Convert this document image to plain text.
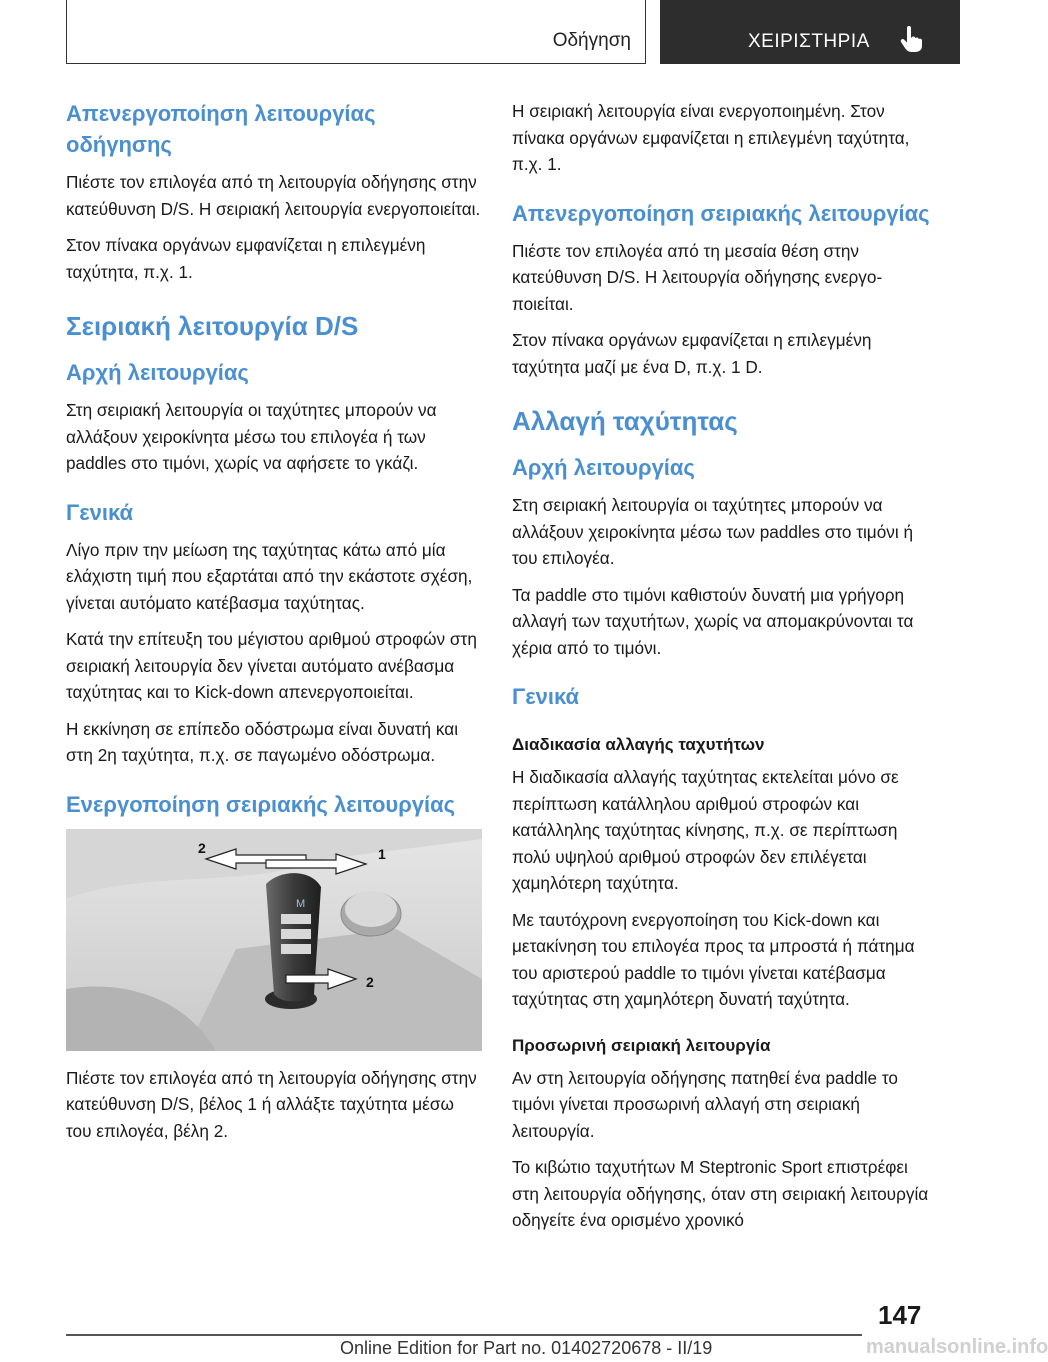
Οδήγηση	ΧΕΙΡΙΣΤΗΡΙΑ
Απενεργοποίηση λειτουργίας οδήγησης

Πιέστε τον επιλογέα από τη λειτουργία οδήγησης στην κατεύθυνση D/S. Η σειριακή λειτουργία ενεργοποιείται.

Στον πίνακα οργάνων εμφανίζεται η επιλεγμένη ταχύτητα, π.χ. 1.

Σειριακή λειτουργία D/S
Αρχή λειτουργίας

Στη σειριακή λειτουργία οι ταχύτητες μπορούν να αλλάξουν χειροκίνητα μέσω του επιλογέα ή των paddles στο τιμόνι, χωρίς να αφήσετε το γκάζι.

Γενικά

Λίγο πριν την μείωση της ταχύτητας κάτω από μία ελάχιστη τιμή που εξαρτάται από την εκάστοτε σχέση, γίνεται αυτόματο κατέβασμα ταχύτητας.

Κατά την επίτευξη του μέγιστου αριθμού στροφών στη σειριακή λειτουργία δεν γίνεται αυτόματο ανέβασμα ταχύτητας και το Kick-down απενεργοποιείται.

Η εκκίνηση σε επίπεδο οδόστρωμα είναι δυνατή και στη 2η ταχύτητα, π.χ. σε παγωμένο οδόστρωμα.

Ενεργοποίηση σειριακής λειτουργίας
M
2	1
2

Πιέστε τον επιλογέα από τη λειτουργία οδήγησης στην κατεύθυνση D/S, βέλος 1 ή αλλάξτε ταχύτητα μέσω του επιλογέα, βέλη 2.

Η σειριακή λειτουργία είναι ενεργοποιημένη. Στον πίνακα οργάνων εμφανίζεται η επιλεγμένη ταχύτητα, π.χ. 1.

Απενεργοποίηση σειριακής λειτουργίας

Πιέστε τον επιλογέα από τη μεσαία θέση στην κατεύθυνση D/S. Η λειτουργία οδήγησης ενεργοποιείται.

Στον πίνακα οργάνων εμφανίζεται η επιλεγμένη ταχύτητα μαζί με ένα D, π.χ. 1 D.

Αλλαγή ταχύτητας
Αρχή λειτουργίας

Στη σειριακή λειτουργία οι ταχύτητες μπορούν να αλλάξουν χειροκίνητα μέσω των paddles στο τιμόνι ή του επιλογέα.

Τα paddle στο τιμόνι καθιστούν δυνατή μια γρήγορη αλλαγή των ταχυτήτων, χωρίς να απομακρύνονται τα χέρια από το τιμόνι.

Γενικά
Διαδικασία αλλαγής ταχυτήτων

Η διαδικασία αλλαγής ταχύτητας εκτελείται μόνο σε περίπτωση κατάλληλου αριθμού στροφών και κατάλληλης ταχύτητας κίνησης, π.χ. σε περίπτωση πολύ υψηλού αριθμού στροφών δεν επιλέγεται χαμηλότερη ταχύτητα.

Με ταυτόχρονη ενεργοποίηση του Kick-down και μετακίνηση του επιλογέα προς τα μπροστά ή πάτημα του αριστερού paddle το τιμόνι γίνεται κατέβασμα ταχύτητας στη χαμηλότερη δυνατή ταχύτητα.

Προσωρινή σειριακή λειτουργία

Αν στη λειτουργία οδήγησης πατηθεί ένα paddle το τιμόνι γίνεται προσωρινή αλλαγή στη σειριακή λειτουργία.

Το κιβώτιο ταχυτήτων M Steptronic Sport επιστρέφει στη λειτουργία οδήγησης, όταν στη σειριακή λειτουργία οδηγείτε ένα ορισμένο χρονικό

147
Online Edition for Part no. 01402720678 - II/19	manualsonline.info
